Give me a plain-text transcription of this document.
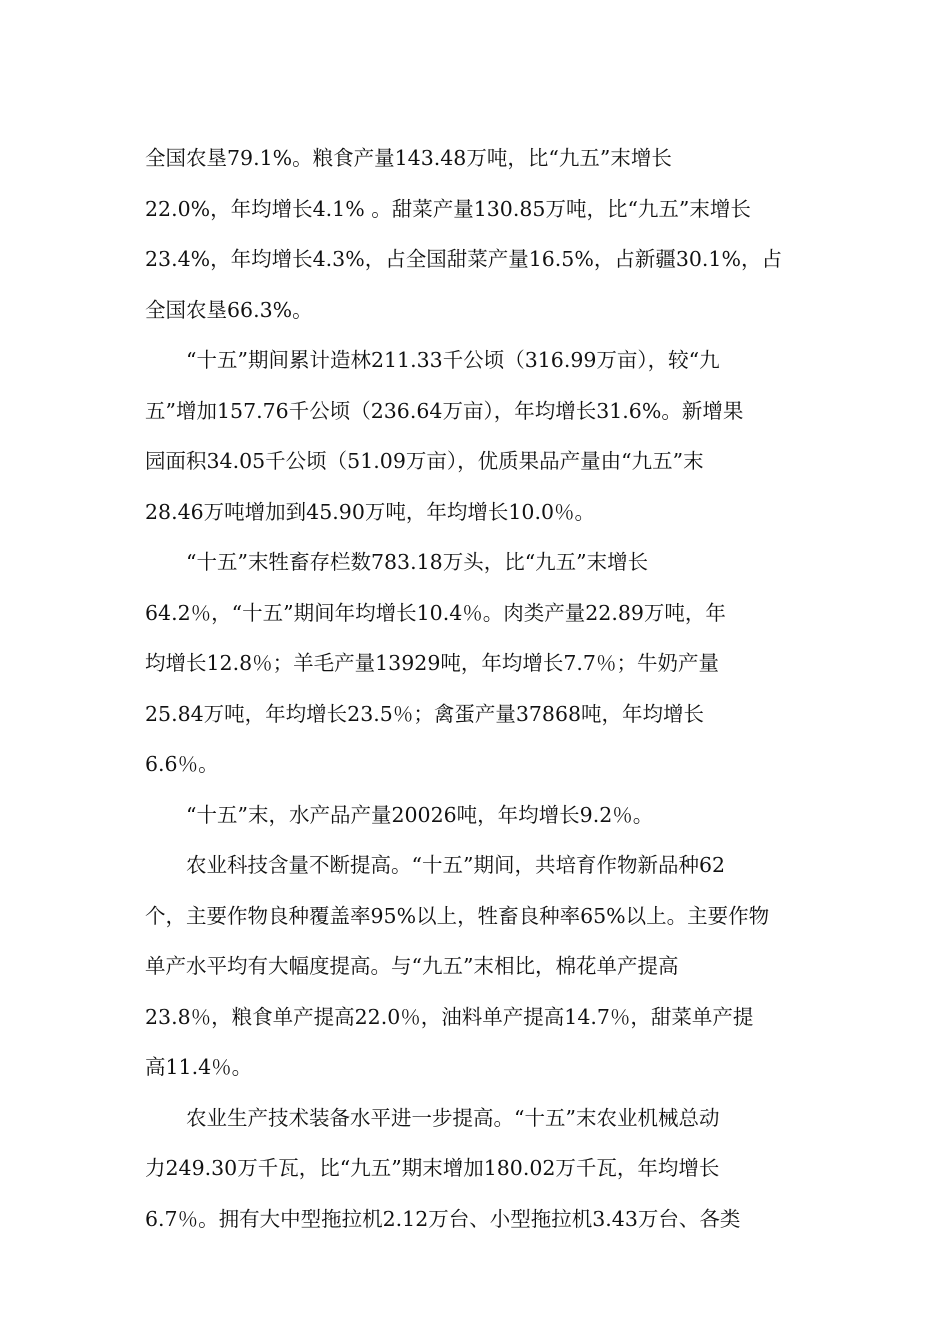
全国农垦79.1%。粮食产量143.48万吨，比“九五”末增长
22.0%，年均增长4.1% 。甜菜产量130.85万吨，比“九五”末增长
23.4%，年均增长4.3%，占全国甜菜产量16.5%，占新疆30.1%，占
全国农垦66.3%。
“十五”期间累计造林211.33千公顷（316.99万亩），较“九
五”增加157.76千公顷（236.64万亩），年均增长31.6%。新增果
园面积34.05千公顷（51.09万亩），优质果品产量由“九五”末
28.46万吨增加到45.90万吨，年均增长10.0％。
“十五”末牲畜存栏数783.18万头，比“九五”末增长
64.2％，“十五”期间年均增长10.4％。肉类产量22.89万吨，年
均增长12.8％；羊毛产量13929吨，年均增长7.7％；牛奶产量
25.84万吨，年均增长23.5％；禽蛋产量37868吨，年均增长
6.6％。
“十五”末，水产品产量20026吨，年均增长9.2％。
农业科技含量不断提高。“十五”期间，共培育作物新品种62
个，主要作物良种覆盖率95%以上，牲畜良种率65%以上。主要作物
单产水平均有大幅度提高。与“九五”末相比，棉花单产提高
23.8％，粮食单产提高22.0％，油料单产提高14.7％，甜菜单产提
高11.4％。
农业生产技术装备水平进一步提高。“十五”末农业机械总动
力249.30万千瓦，比“九五”期末增加180.02万千瓦，年均增长
6.7％。拥有大中型拖拉机2.12万台、小型拖拉机3.43万台、各类
